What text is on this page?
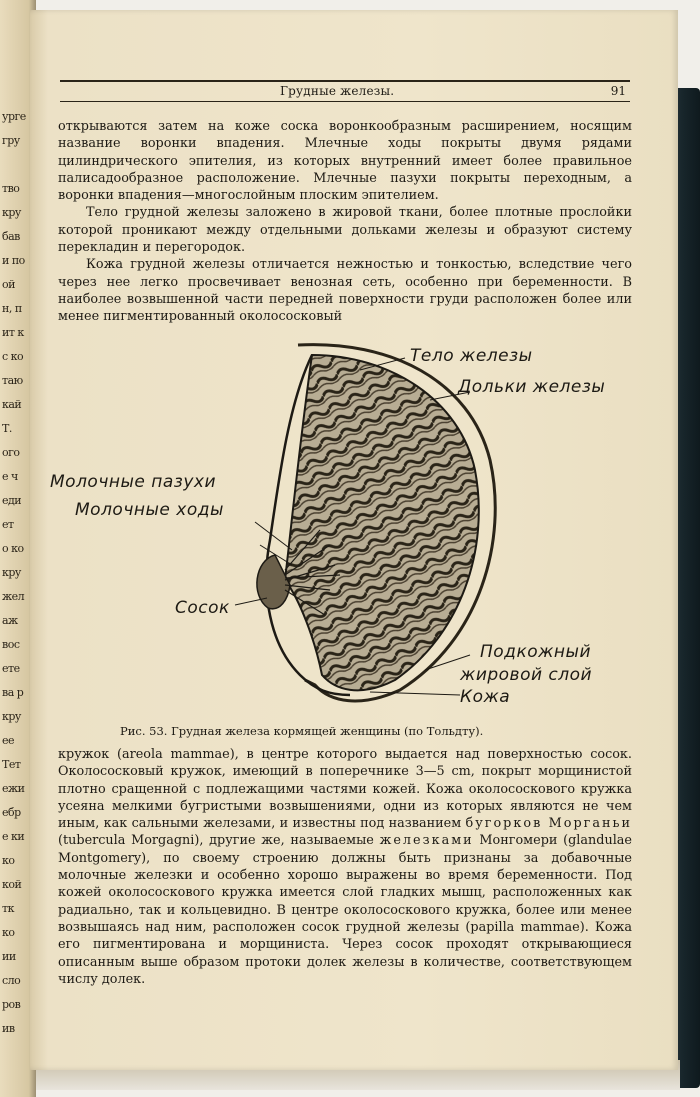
урге
гру
тво
кру
бав
и по
ой
н, п
ит к
с ко
таю
кай
Т.
ого
е ч
еди
ет
о ко
кру
жел
аж
вос
ете
ва р
кру
ее
Тет
ежи
ебр
е ки
ко
кой
тк
ко
ии
сло
ров
ив
Грудные железы.	91

открываются затем на коже соска воронкообразным расширением, носящим название воронки впадения. Млечные ходы покрыты двумя рядами цилиндрического эпителия, из которых внутренний имеет более правильное палисадообразное расположение. Млечные пазухи покрыты переходным, а воронки впадения—многослойным плоским эпителием.

Тело грудной железы заложено в жировой ткани, более плотные прослойки которой проникают между отдельными дольками железы и образуют систему перекладин и перегородок.

Кожа грудной железы отличается нежностью и тонкостью, вследствие чего через нее легко просвечивает венозная сеть, особенно при беременности. В наиболее возвышенной части передней поверхности груди расположен более или менее пигментированный околососковый

Тело железы
Дольки железы
Молочные пазухи
Молочные ходы
Сосок
Подкожный
жировой слой
Кожа
Рис. 53. Грудная железа кормящей женщины (по Тольдту).

кружок (areola mammae), в центре которого выдается над поверхностью сосок. Околососковый кружок, имеющий в поперечнике 3—5 cm, покрыт морщинистой плотно сращенной с подлежащими частями кожей. Кожа околососкового кружка усеяна мелкими бугристыми возвышениями, одни из которых являются не чем иным, как сальными железами, и известны под названием бугорков Морганьи (tubercula Morgagni), другие же, называемые железками Монгомери (glandulae Montgomery), по своему строению должны быть признаны за добавочные молочные железки и особенно хорошо выражены во время беременности. Под кожей околососкового кружка имеется слой гладких мышц, расположенных как радиально, так и кольцевидно. В центре околососкового кружка, более или менее возвышаясь над ним, расположен сосок грудной железы (papilla mammae). Кожа его пигментирована и морщиниста. Через сосок проходят открывающиеся описанным выше образом протоки долек железы в количестве, соответствующем числу долек.
